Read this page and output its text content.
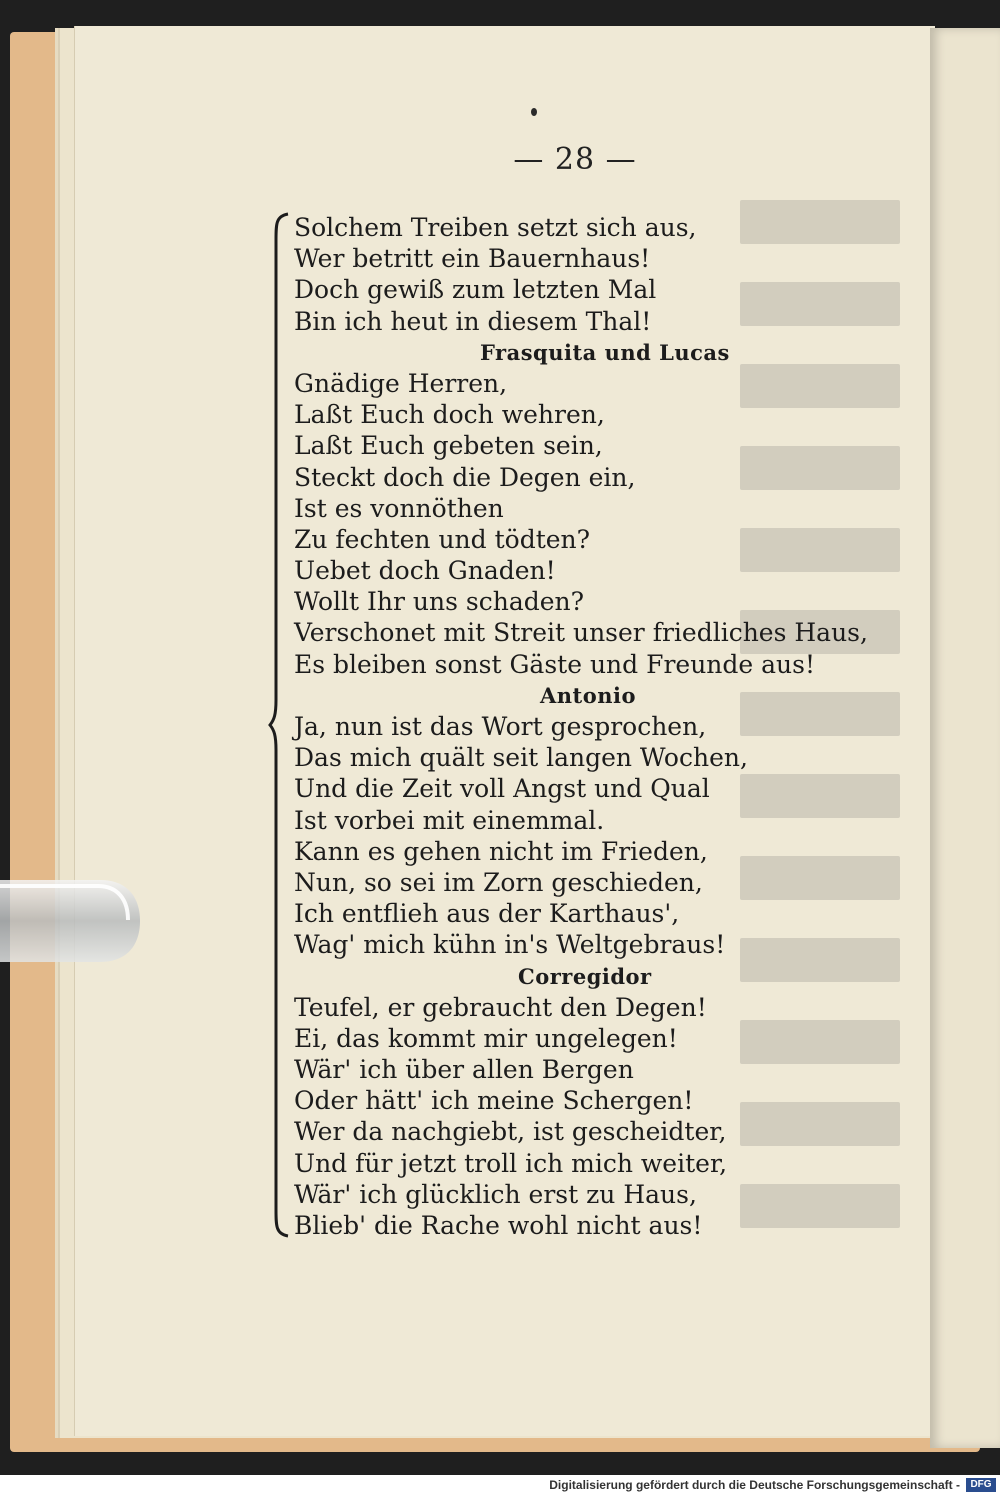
— 28 —
Solchem Treiben setzt sich aus,
Wer betritt ein Bauernhaus!
Doch gewiß zum letzten Mal
Bin ich heut in diesem Thal!
Frasquita und Lucas
Gnädige Herren,
Laßt Euch doch wehren,
Laßt Euch gebeten sein,
Steckt doch die Degen ein,
Ist es vonnöthen
Zu fechten und tödten?
Uebet doch Gnaden!
Wollt Ihr uns schaden?
Verschonet mit Streit unser friedliches Haus,
Es bleiben sonst Gäste und Freunde aus!
Antonio
Ja, nun ist das Wort gesprochen,
Das mich quält seit langen Wochen,
Und die Zeit voll Angst und Qual
Ist vorbei mit einemmal.
Kann es gehen nicht im Frieden,
Nun, so sei im Zorn geschieden,
Ich entflieh aus der Karthaus',
Wag' mich kühn in's Weltgebraus!
Corregidor
Teufel, er gebraucht den Degen!
Ei, das kommt mir ungelegen!
Wär' ich über allen Bergen
Oder hätt' ich meine Schergen!
Wer da nachgiebt, ist gescheidter,
Und für jetzt troll ich mich weiter,
Wär' ich glücklich erst zu Haus,
Blieb' die Rache wohl nicht aus!
Digitalisierung gefördert durch die Deutsche Forschungsgemeinschaft -	DFG
